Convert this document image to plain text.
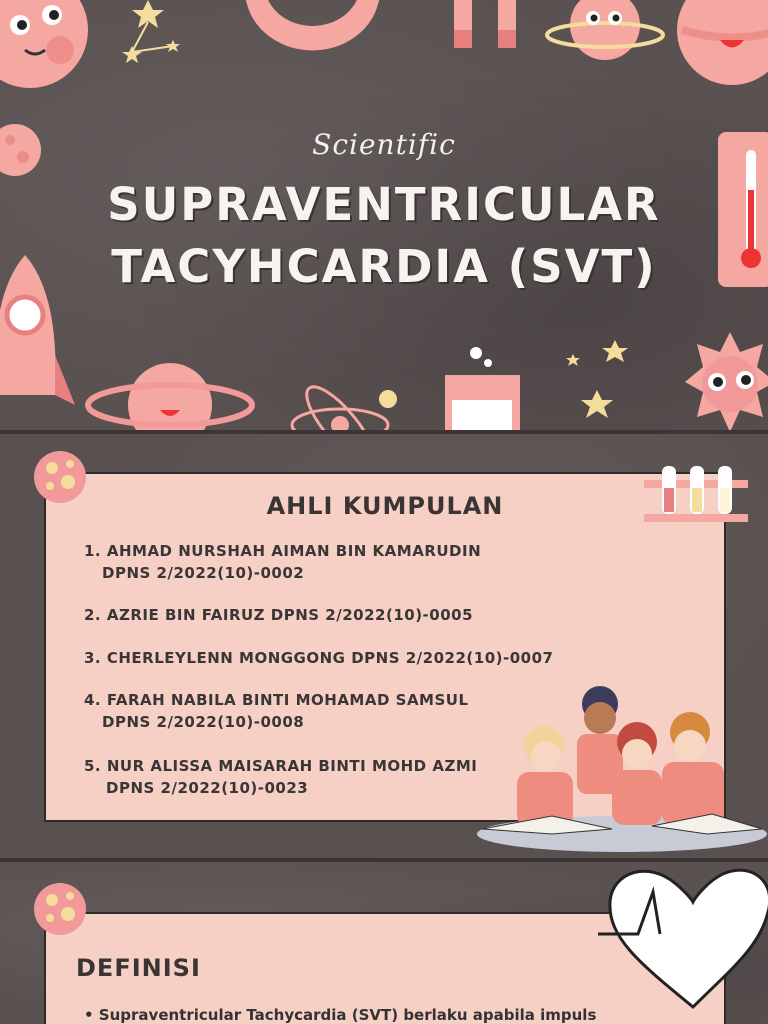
Scientific
SUPRAVENTRICULAR
TACYHCARDIA (SVT)
AHLI KUMPULAN
1. AHMAD NURSHAH AIMAN BIN KAMARUDIN
DPNS 2/2022(10)-0002
2. AZRIE BIN FAIRUZ DPNS 2/2022(10)-0005
3. CHERLEYLENN MONGGONG DPNS 2/2022(10)-0007
4. FARAH NABILA BINTI MOHAMAD SAMSUL
DPNS 2/2022(10)-0008
5. NUR ALISSA MAISARAH BINTI MOHD AZMI
DPNS 2/2022(10)-0023
DEFINISI
• Supraventricular Tachycardia (SVT) berlaku apabila impuls
